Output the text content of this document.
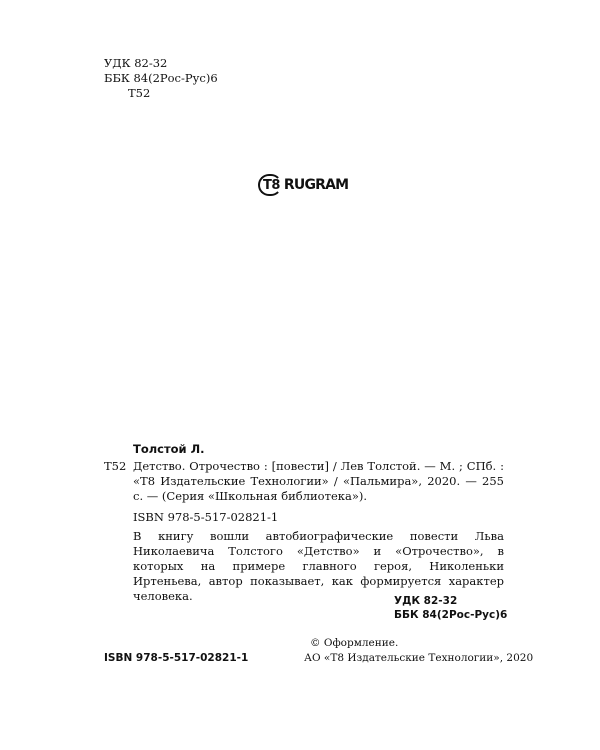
УДК 82-32
ББК 84(2Рос-Рус)6
Т52
T8 RUGRAM
Толстой Л.
Т52 Детство. Отрочество : [повести] / Лев Толстой. — М. ; СПб. : «Т8 Издательские Технологии» / «Пальмира», 2020. — 255 с. — (Серия «Школьная библиотека»).
ISBN 978-5-517-02821-1
В книгу вошли автобиографические повести Льва Николаевича Толстого «Детство» и «Отрочество», в которых на примере главного героя, Николеньки Иртеньева, автор показывает, как формируется характер человека.	УДК 82-32
ББК 84(2Рос-Рус)6
ISBN 978-5-517-02821-1
© Оформление.
АО «Т8 Издательские Технологии», 2020
